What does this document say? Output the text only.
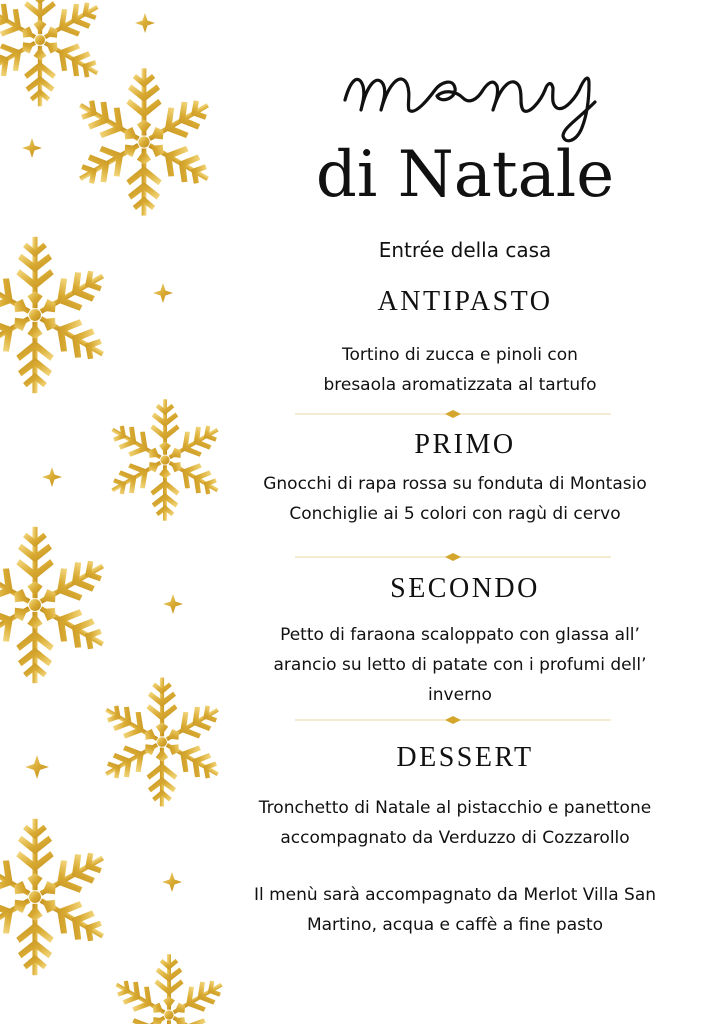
menu
di Natale
Entrée della casa
ANTIPASTO
Tortino di zucca e pinoli con
bresaola aromatizzata al tartufo
PRIMO
Gnocchi di rapa rossa su fonduta di Montasio
Conchiglie ai 5 colori con ragù di cervo
SECONDO
Petto di faraona scaloppato con glassa all’
arancio su letto di patate con i profumi dell’
inverno
DESSERT
Tronchetto di Natale al pistacchio e panettone
accompagnato da Verduzzo di Cozzarollo
Il menù sarà accompagnato da Merlot Villa San
Martino, acqua e caffè a fine pasto
